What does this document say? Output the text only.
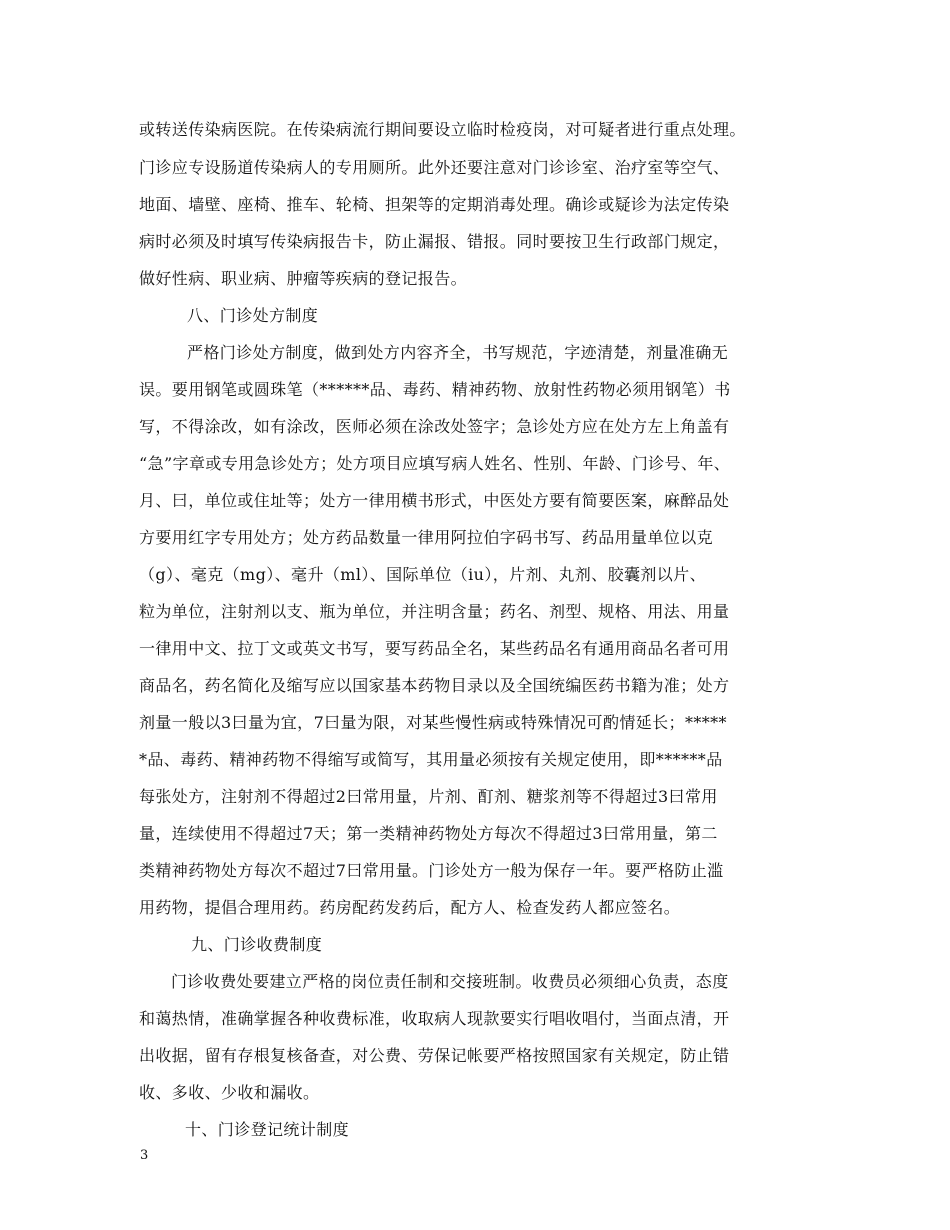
或转送传染病医院。在传染病流行期间要设立临时检疫岗，对可疑者进行重点处理。
门诊应专设肠道传染病人的专用厕所。此外还要注意对门诊诊室、治疗室等空气、
地面、墙壁、座椅、推车、轮椅、担架等的定期消毒处理。确诊或疑诊为法定传染
病时必须及时填写传染病报告卡，防止漏报、错报。同时要按卫生行政部门规定，
做好性病、职业病、肿瘤等疾病的登记报告。
八、门诊处方制度
严格门诊处方制度，做到处方内容齐全，书写规范，字迹清楚，剂量准确无
误。要用钢笔或圆珠笔（******品、毒药、精神药物、放射性药物必须用钢笔）书
写，不得涂改，如有涂改，医师必须在涂改处签字；急诊处方应在处方左上角盖有
“急”字章或专用急诊处方；处方项目应填写病人姓名、性别、年龄、门诊号、年、
月、曰，单位或住址等；处方一律用横书形式，中医处方要有简要医案，麻醉品处
方要用红字专用处方；处方药品数量一律用阿拉伯字码书写、药品用量单位以克
（g）、毫克（mg）、毫升（ml）、国际单位（iu），片剂、丸剂、胶囊剂以片、
粒为单位，注射剂以支、瓶为单位，并注明含量；药名、剂型、规格、用法、用量
一律用中文、拉丁文或英文书写，要写药品全名，某些药品名有通用商品名者可用
商品名，药名简化及缩写应以国家基本药物目录以及全国统编医药书籍为准；处方
剂量一般以3曰量为宜，7曰量为限，对某些慢性病或特殊情况可酌情延长；*****
*品、毒药、精神药物不得缩写或简写，其用量必须按有关规定使用，即******品
每张处方，注射剂不得超过2曰常用量，片剂、酊剂、糖浆剂等不得超过3曰常用
量，连续使用不得超过7天；第一类精神药物处方每次不得超过3曰常用量，第二
类精神药物处方每次不超过7曰常用量。门诊处方一般为保存一年。要严格防止滥
用药物，提倡合理用药。药房配药发药后，配方人、检查发药人都应签名。
九、门诊收费制度
门诊收费处要建立严格的岗位责任制和交接班制。收费员必须细心负责，态度
和蔼热情，准确掌握各种收费标准，收取病人现款要实行唱收唱付，当面点清，开
出收据，留有存根复核备查，对公费、劳保记帐要严格按照国家有关规定，防止错
收、多收、少收和漏收。
十、门诊登记统计制度
3
